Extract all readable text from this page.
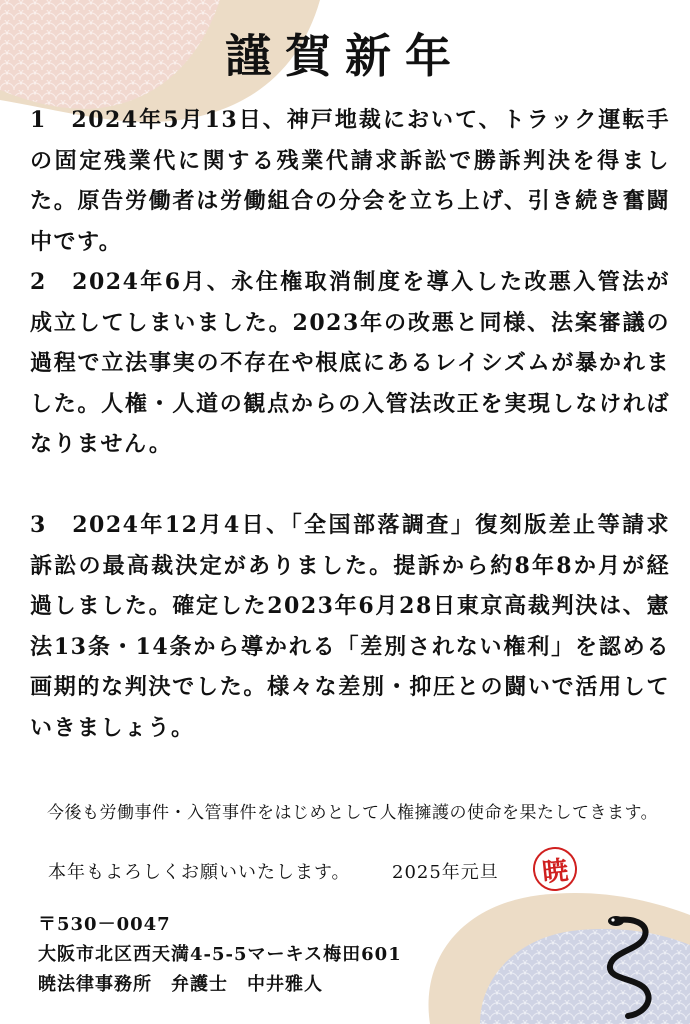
謹賀新年
1　2024年5月13日、神戸地裁において、トラック運転手の固定残業代に関する残業代請求訴訟で勝訴判決を得ました。原告労働者は労働組合の分会を立ち上げ、引き続き奮闘中です。
2　2024年6月、永住権取消制度を導入した改悪入管法が成立してしまいました。2023年の改悪と同様、法案審議の過程で立法事実の不存在や根底にあるレイシズムが暴かれました。人権・人道の観点からの入管法改正を実現しなければなりません。
3　2024年12月4日、「全国部落調査」復刻版差止等請求訴訟の最高裁決定がありました。提訴から約8年8か月が経過しました。確定した2023年6月28日東京高裁判決は、憲法13条・14条から導かれる「差別されない権利」を認める画期的な判決でした。様々な差別・抑圧との闘いで活用していきましょう。
今後も労働事件・入管事件をはじめとして人権擁護の使命を果たしてきます。
本年もよろしくお願いいたします。 2025年元旦 暁
〒530－0047
大阪市北区西天満4-5-5マーキス梅田601
暁法律事務所　弁護士　中井雅人
